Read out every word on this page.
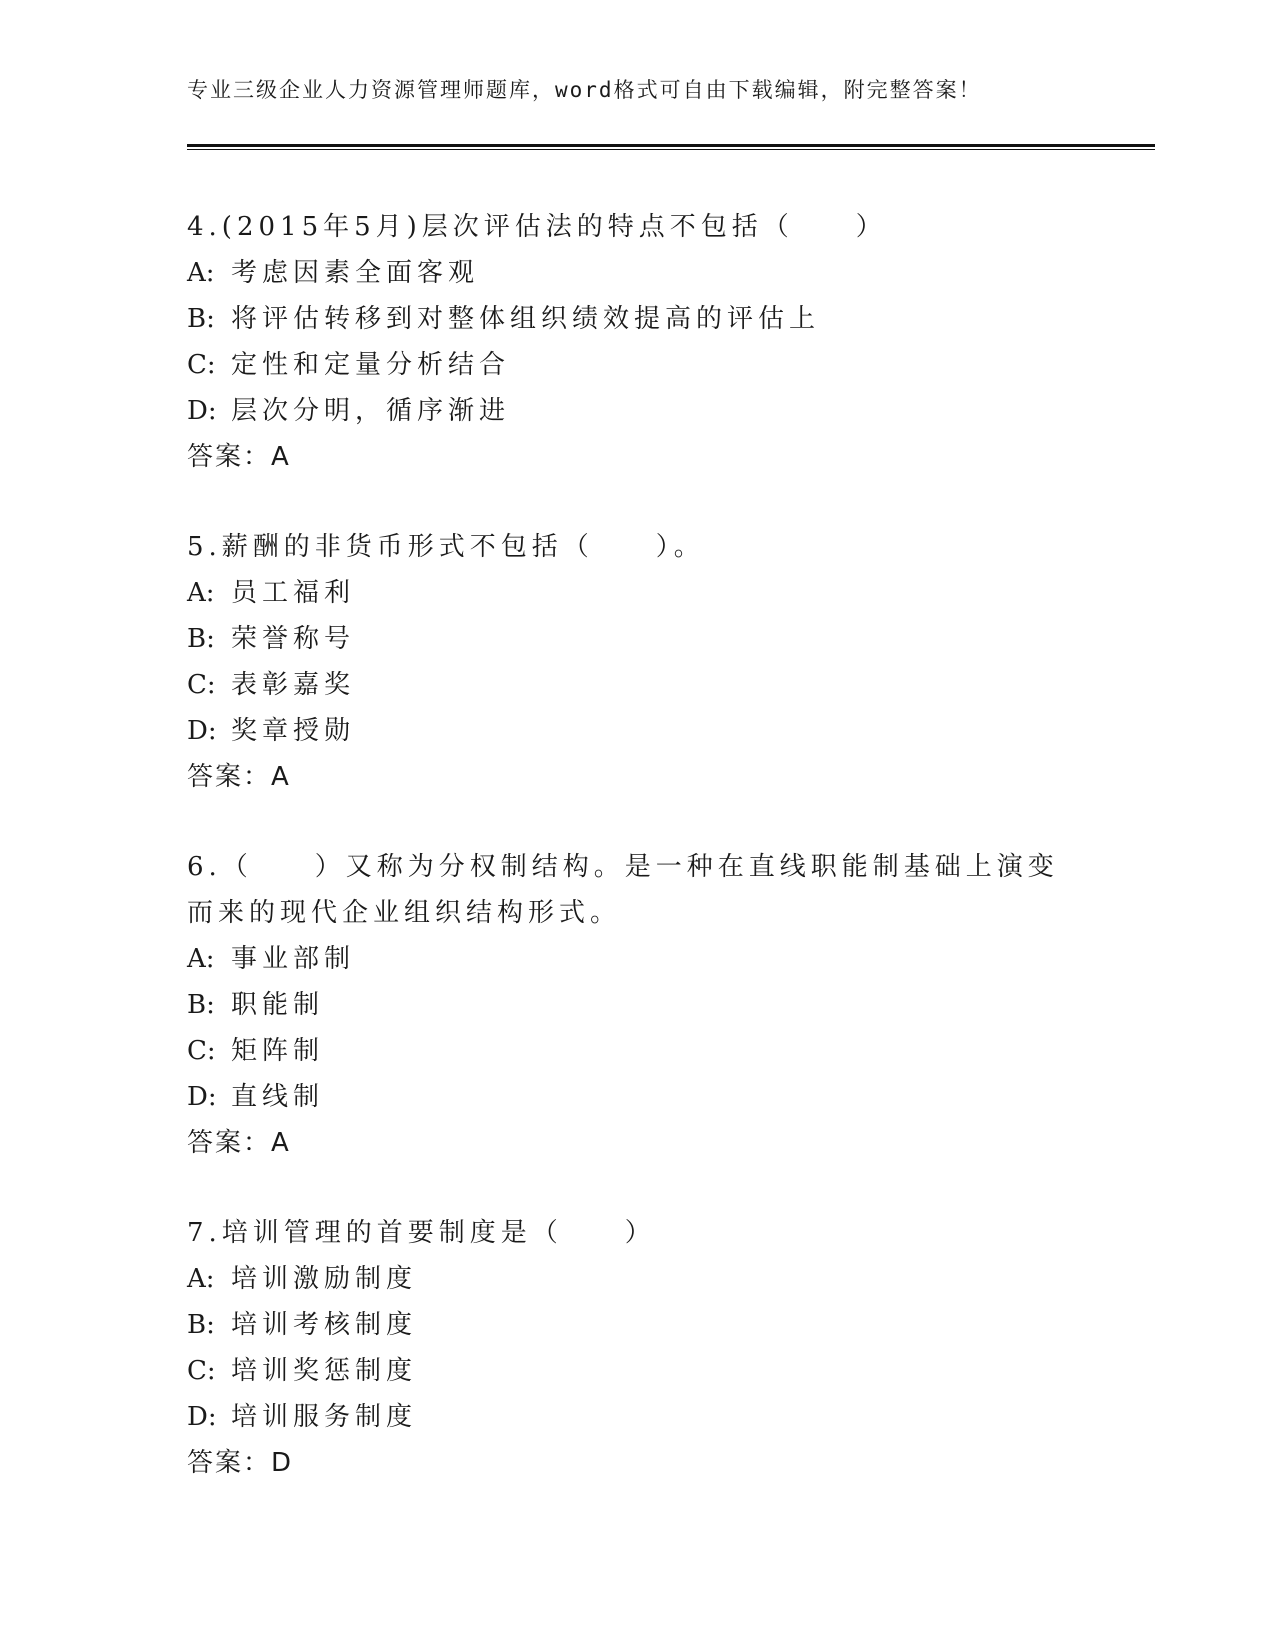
专业三级企业人力资源管理师题库，word格式可自由下载编辑，附完整答案！
4.(2015年5月)层次评估法的特点不包括（　　）
A: 考虑因素全面客观
B: 将评估转移到对整体组织绩效提高的评估上
C: 定性和定量分析结合
D: 层次分明，循序渐进
答案：A
5.薪酬的非货币形式不包括（　　）。
A: 员工福利
B: 荣誉称号
C: 表彰嘉奖
D: 奖章授勋
答案：A
6.（　　）又称为分权制结构。是一种在直线职能制基础上演变而来的现代企业组织结构形式。
A: 事业部制
B: 职能制
C: 矩阵制
D: 直线制
答案：A
7.培训管理的首要制度是（　　）
A: 培训激励制度
B: 培训考核制度
C: 培训奖惩制度
D: 培训服务制度
答案：D
